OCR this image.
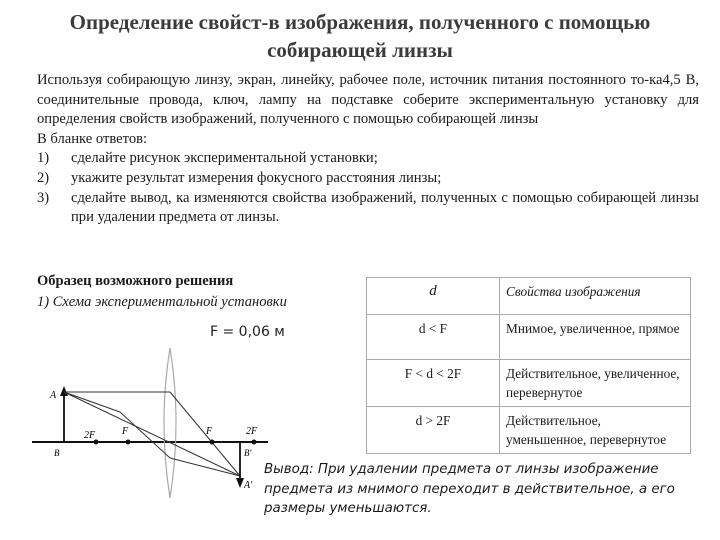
Определение свойст-в изображения, полученного с помощью собирающей линзы
Используя собирающую линзу, экран, линейку, рабочее поле, источник питания постоянного то-ка4,5 В, соединительные провода, ключ, лампу на подставке соберите экспериментальную установку для определения свойств изображений, полученного с помощью собирающей линзы
В бланке ответов:
1)	сделайте рисунок экспериментальной установки;
2)	укажите результат измерения фокусного расстояния линзы;
3)	сделайте вывод, ка изменяются свойства изображений, полученных с помощью собирающей линзы при удалении предмета от линзы.
Образец возможного решения
1) Схема экспериментальной установки
F = 0,06 м
A
2F	F	F	2F
B	B'
A'
d	Свойства изображения
d < F	Мнимое, увеличенное, прямое
F < d < 2F	Действительное, увеличенное, перевернутое
d > 2F	Действительное, уменьшенное, перевернутое
Вывод: При удалении предмета от линзы изображение предмета из мнимого переходит в действительное, а его размеры уменьшаются.
